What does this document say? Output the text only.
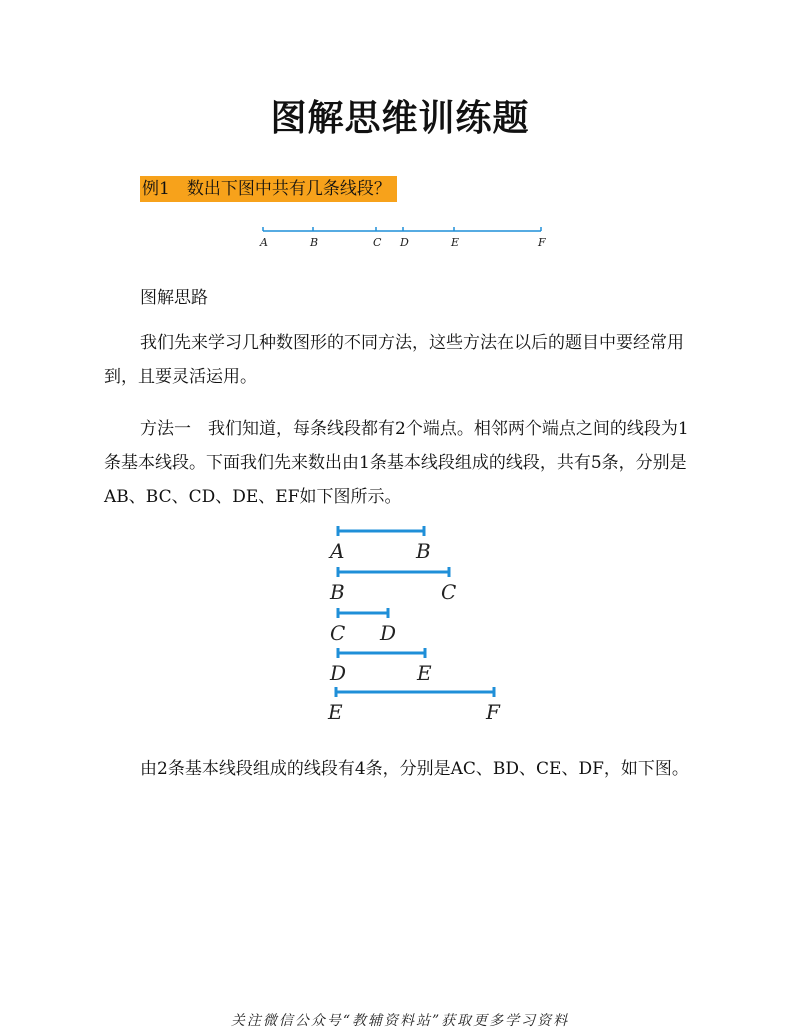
图解思维训练题
例1　数出下图中共有几条线段？
A	B	C D	E	F
图解思路

我们先来学习几种数图形的不同方法，这些方法在以后的题目中要经常用到，且要灵活运用。

方法一　我们知道，每条线段都有2个端点。相邻两个端点之间的线段为1条基本线段。下面我们先来数出由1条基本线段组成的线段，共有5条，分别是AB、BC、CD、DE、EF如下图所示。

A	B
B	C
C D
D	E
E	F

由2条基本线段组成的线段有4条，分别是AC、BD、CE、DF，如下图。

关注微信公众号“教辅资料站”获取更多学习资料
